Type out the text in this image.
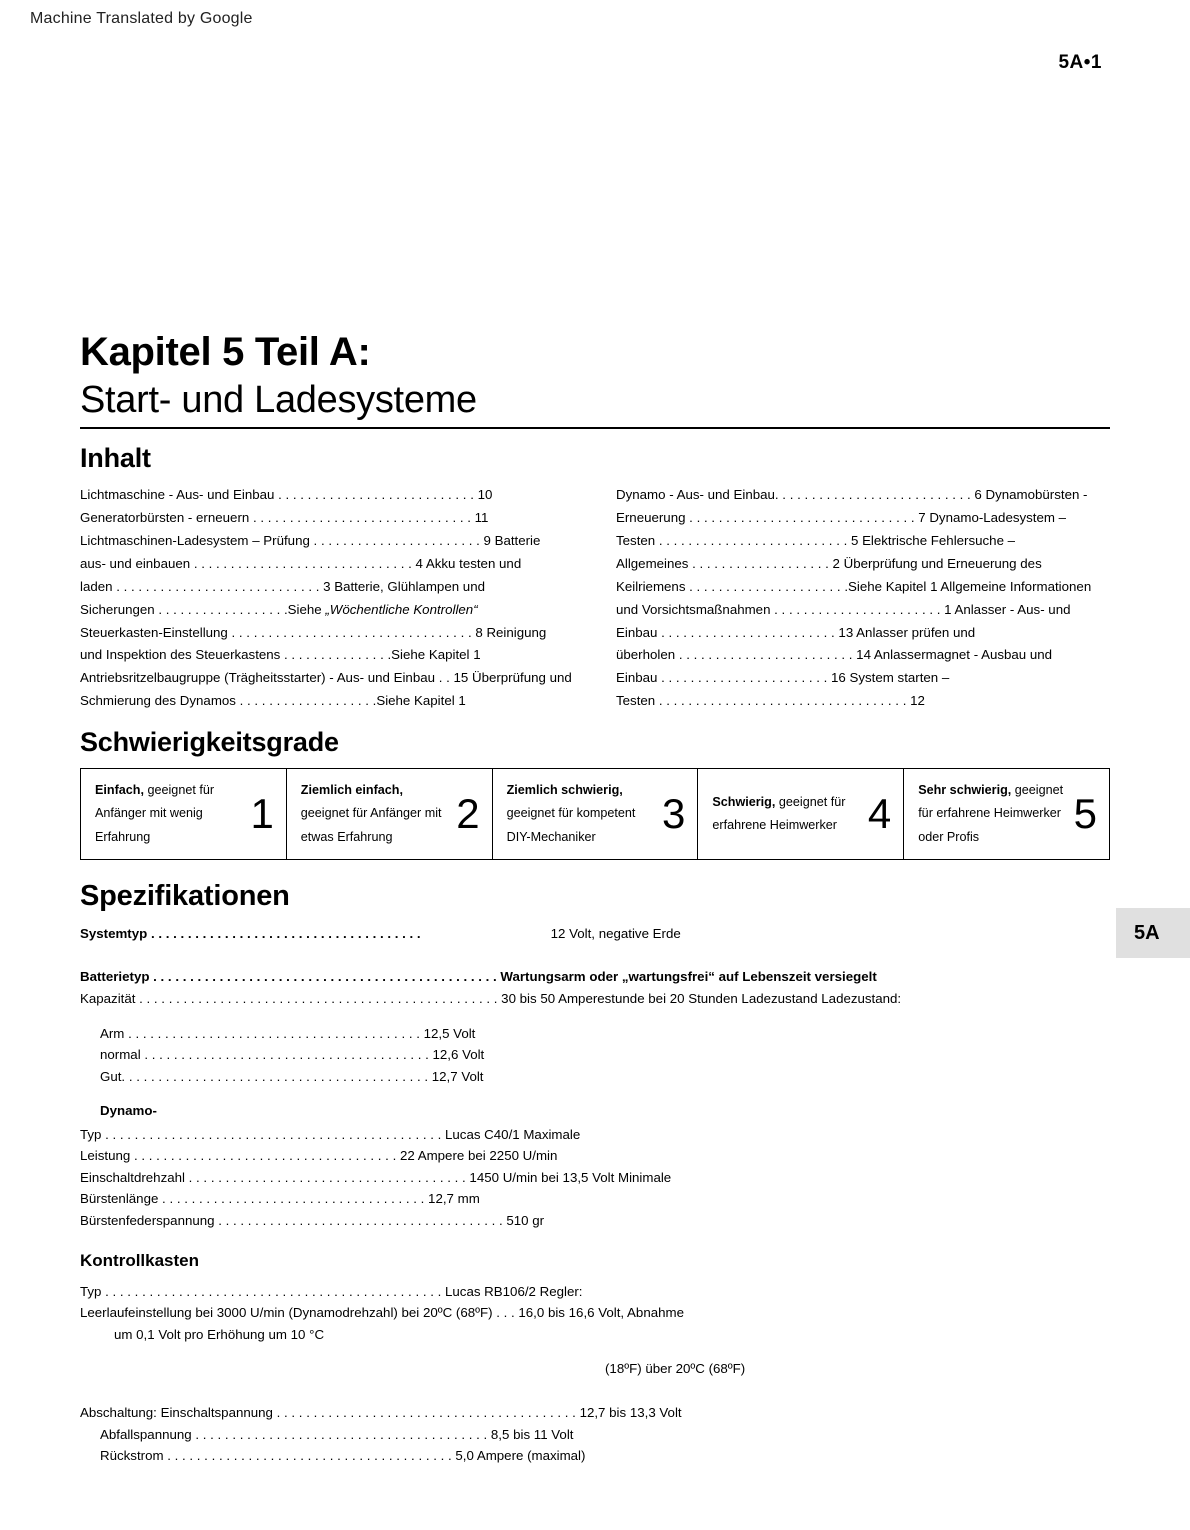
Machine Translated by Google
5A•1
5A
Kapitel 5 Teil A:
Start- und Ladesysteme
Inhalt

Lichtmaschine - Aus- und Einbau . . . . . . . . . . . . . . . . . . . . . . . . . . . 10

Generatorbürsten - erneuern . . . . . . . . . . . . . . . . . . . . . . . . . . . . . . 11

Lichtmaschinen-Ladesystem – Prüfung . . . . . . . . . . . . . . . . . . . . . . . 9 Batterie

aus- und einbauen . . . . . . . . . . . . . . . . . . . . . . . . . . . . . . 4 Akku testen und

laden . . . . . . . . . . . . . . . . . . . . . . . . . . . . 3 Batterie, Glühlampen und

Sicherungen . . . . . . . . . . . . . . . . . .Siehe „Wöchentliche Kontrollen“

Steuerkasten-Einstellung . . . . . . . . . . . . . . . . . . . . . . . . . . . . . . . . . 8 Reinigung

und Inspektion des Steuerkastens . . . . . . . . . . . . . . .Siehe Kapitel 1

Antriebsritzelbaugruppe (Trägheitsstarter) - Aus- und Einbau . . 15 Überprüfung und

Schmierung des Dynamos . . . . . . . . . . . . . . . . . . .Siehe Kapitel 1

Dynamo - Aus- und Einbau. . . . . . . . . . . . . . . . . . . . . . . . . . . 6 Dynamobürsten -

Erneuerung . . . . . . . . . . . . . . . . . . . . . . . . . . . . . . . 7 Dynamo-Ladesystem –

Testen . . . . . . . . . . . . . . . . . . . . . . . . . . 5 Elektrische Fehlersuche –

Allgemeines . . . . . . . . . . . . . . . . . . . 2 Überprüfung und Erneuerung des

Keilriemens . . . . . . . . . . . . . . . . . . . . . .Siehe Kapitel 1 Allgemeine Informationen

und Vorsichtsmaßnahmen . . . . . . . . . . . . . . . . . . . . . . . 1 Anlasser - Aus- und

Einbau . . . . . . . . . . . . . . . . . . . . . . . . 13 Anlasser prüfen und

überholen . . . . . . . . . . . . . . . . . . . . . . . . 14 Anlassermagnet - Ausbau und

Einbau . . . . . . . . . . . . . . . . . . . . . . . 16 System starten –

Testen . . . . . . . . . . . . . . . . . . . . . . . . . . . . . . . . . . 12

Schwierigkeitsgrade
Einfach, geeignet für Anfänger mit wenig Erfahrung	1	Ziemlich einfach, geeignet für Anfänger mit etwas Erfahrung	2	Ziemlich schwierig, geeignet für kompetent DIY-Mechaniker	3	Schwierig, geeignet für erfahrene Heimwerker 4	Sehr schwierig, geeignet für erfahrene Heimwerker oder Profis	5
Spezifikationen
Systemtyp . . . . . . . . . . . . . . . . . . . . . . . . . . . . . . . . . . . . .	12 Volt, negative Erde
Batterietyp . . . . . . . . . . . . . . . . . . . . . . . . . . . . . . . . . . . . . . . . . . . . . . . Wartungsarm oder „wartungsfrei“ auf Lebenszeit versiegelt
Kapazität . . . . . . . . . . . . . . . . . . . . . . . . . . . . . . . . . . . . . . . . . . . . . . . . . 30 bis 50 Amperestunde bei 20 Stunden Ladezustand Ladezustand:
Arm . . . . . . . . . . . . . . . . . . . . . . . . . . . . . . . . . . . . . . . . 12,5 Volt
normal . . . . . . . . . . . . . . . . . . . . . . . . . . . . . . . . . . . . . . . 12,6 Volt
Gut. . . . . . . . . . . . . . . . . . . . . . . . . . . . . . . . . . . . . . . . . . 12,7 Volt
Dynamo-
Typ . . . . . . . . . . . . . . . . . . . . . . . . . . . . . . . . . . . . . . . . . . . . . . Lucas C40/1 Maximale
Leistung . . . . . . . . . . . . . . . . . . . . . . . . . . . . . . . . . . . . 22 Ampere bei 2250 U/min
Einschaltdrehzahl . . . . . . . . . . . . . . . . . . . . . . . . . . . . . . . . . . . . . . 1450 U/min bei 13,5 Volt Minimale
Bürstenlänge . . . . . . . . . . . . . . . . . . . . . . . . . . . . . . . . . . . . 12,7 mm
Bürstenfederspannung . . . . . . . . . . . . . . . . . . . . . . . . . . . . . . . . . . . . . . . 510 gr
Kontrollkasten
Typ . . . . . . . . . . . . . . . . . . . . . . . . . . . . . . . . . . . . . . . . . . . . . . Lucas RB106/2 Regler:
Leerlaufeinstellung bei 3000 U/min (Dynamodrehzahl) bei 20ºC (68ºF) . . . 16,0 bis 16,6 Volt, Abnahme
um 0,1 Volt pro Erhöhung um 10 °C
(18ºF) über 20ºC (68ºF)
Abschaltung: Einschaltspannung . . . . . . . . . . . . . . . . . . . . . . . . . . . . . . . . . . . . . . . . . 12,7 bis 13,3 Volt
Abfallspannung . . . . . . . . . . . . . . . . . . . . . . . . . . . . . . . . . . . . . . . . 8,5 bis 11 Volt
Rückstrom . . . . . . . . . . . . . . . . . . . . . . . . . . . . . . . . . . . . . . . 5,0 Ampere (maximal)
